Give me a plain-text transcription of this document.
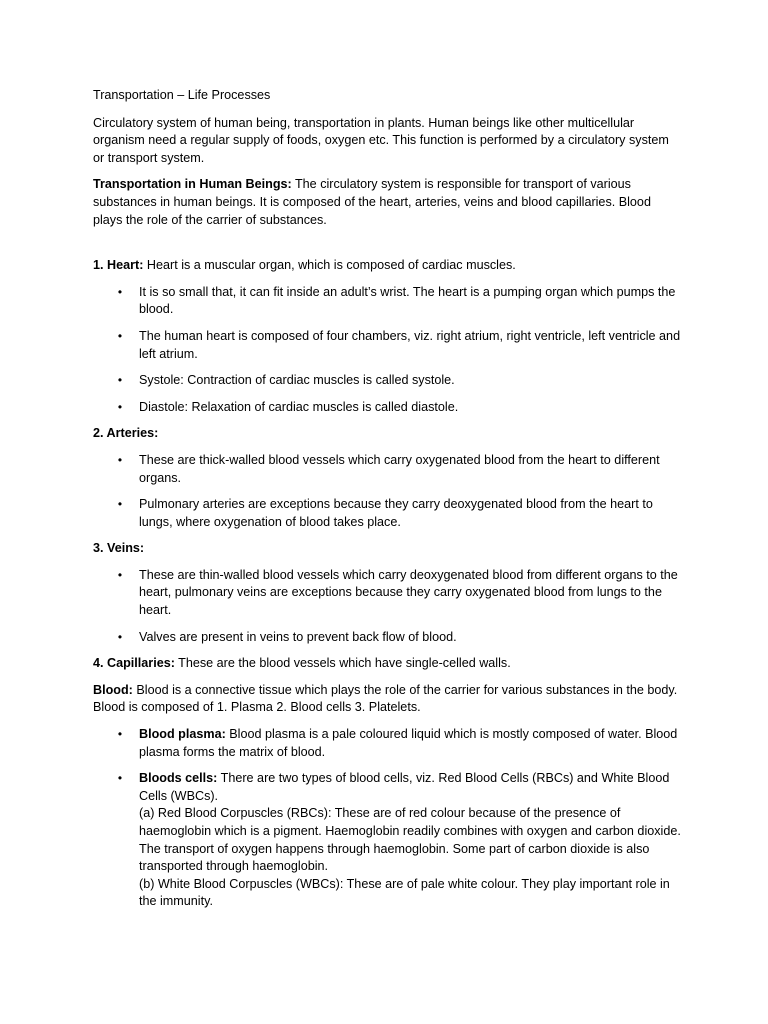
Transportation – Life Processes

Circulatory system of human being, transportation in plants. Human beings like other multicellular organism need a regular supply of foods, oxygen etc. This function is performed by a circulatory system or transport system.

Transportation in Human Beings: The circulatory system is responsible for transport of various substances in human beings. It is composed of the heart, arteries, veins and blood capillaries. Blood plays the role of the carrier of substances.

1. Heart: Heart is a muscular organ, which is composed of cardiac muscles.

• It is so small that, it can fit inside an adult’s wrist. The heart is a pumping organ which pumps the blood.
• The human heart is composed of four chambers, viz. right atrium, right ventricle, left ventricle and left atrium.
• Systole: Contraction of cardiac muscles is called systole.
• Diastole: Relaxation of cardiac muscles is called diastole.

2. Arteries:

• These are thick-walled blood vessels which carry oxygenated blood from the heart to different organs.
• Pulmonary arteries are exceptions because they carry deoxygenated blood from the heart to lungs, where oxygenation of blood takes place.

3. Veins:

• These are thin-walled blood vessels which carry deoxygenated blood from different organs to the heart, pulmonary veins are exceptions because they carry oxygenated blood from lungs to the heart.
• Valves are present in veins to prevent back flow of blood.

4. Capillaries: These are the blood vessels which have single-celled walls.

Blood: Blood is a connective tissue which plays the role of the carrier for various substances in the body. Blood is composed of 1. Plasma 2. Blood cells 3. Platelets.

• Blood plasma: Blood plasma is a pale coloured liquid which is mostly composed of water. Blood plasma forms the matrix of blood.
• Bloods cells: There are two types of blood cells, viz. Red Blood Cells (RBCs) and White Blood Cells (WBCs).
(a) Red Blood Corpuscles (RBCs): These are of red colour because of the presence of haemoglobin which is a pigment. Haemoglobin readily combines with oxygen and carbon dioxide. The transport of oxygen happens through haemoglobin. Some part of carbon dioxide is also transported through haemoglobin.
(b) White Blood Corpuscles (WBCs): These are of pale white colour. They play important role in the immunity.
